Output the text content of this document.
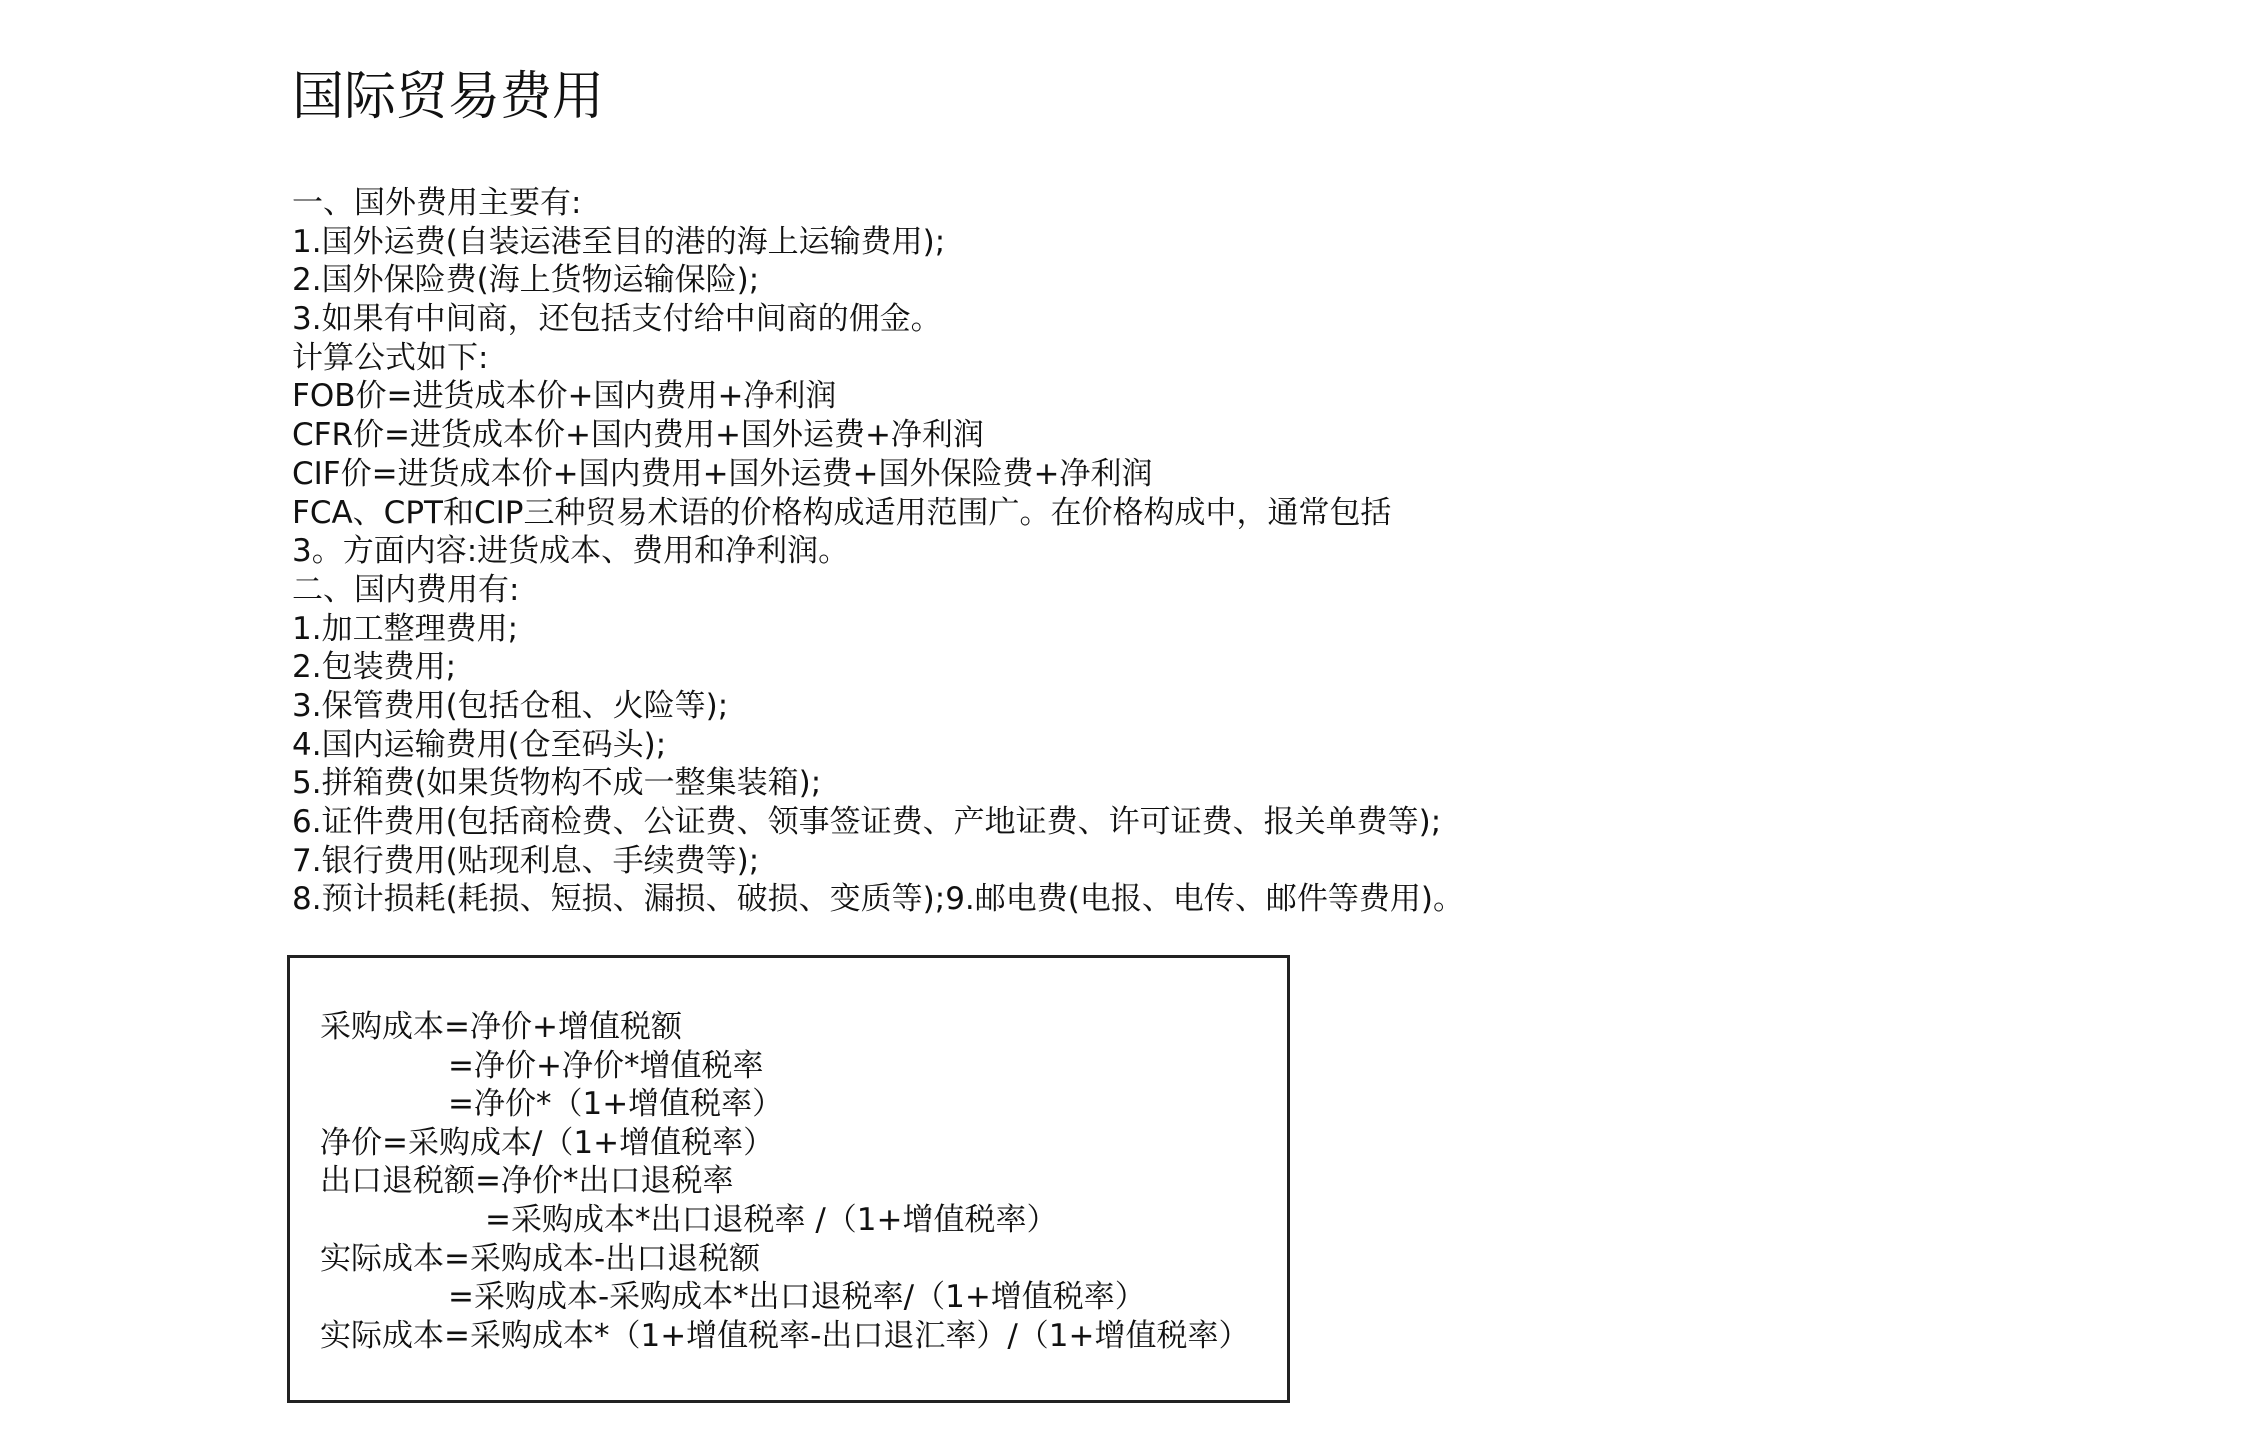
国际贸易费用
一、国外费用主要有:
1.国外运费(自装运港至目的港的海上运输费用);
2.国外保险费(海上货物运输保险);
3.如果有中间商，还包括支付给中间商的佣金。
计算公式如下:
FOB价=进货成本价+国内费用+净利润
CFR价=进货成本价+国内费用+国外运费+净利润
CIF价=进货成本价+国内费用+国外运费+国外保险费+净利润
FCA、CPT和CIP三种贸易术语的价格构成适用范围广。在价格构成中，通常包括
3。方面内容:进货成本、费用和净利润。
二、国内费用有:
1.加工整理费用;
2.包装费用;
3.保管费用(包括仓租、火险等);
4.国内运输费用(仓至码头);
5.拼箱费(如果货物构不成一整集装箱);
6.证件费用(包括商检费、公证费、领事签证费、产地证费、许可证费、报关单费等);
7.银行费用(贴现利息、手续费等);
8.预计损耗(耗损、短损、漏损、破损、变质等);9.邮电费(电报、电传、邮件等费用)。
采购成本=净价+增值税额
=净价+净价*增值税率
=净价*（1+增值税率）
净价=采购成本/（1+增值税率）
出口退税额=净价*出口退税率
=采购成本*出口退税率 /（1+增值税率）
实际成本=采购成本-出口退税额
=采购成本-采购成本*出口退税率/（1+增值税率）
实际成本=采购成本*（1+增值税率-出口退汇率）/（1+增值税率）
